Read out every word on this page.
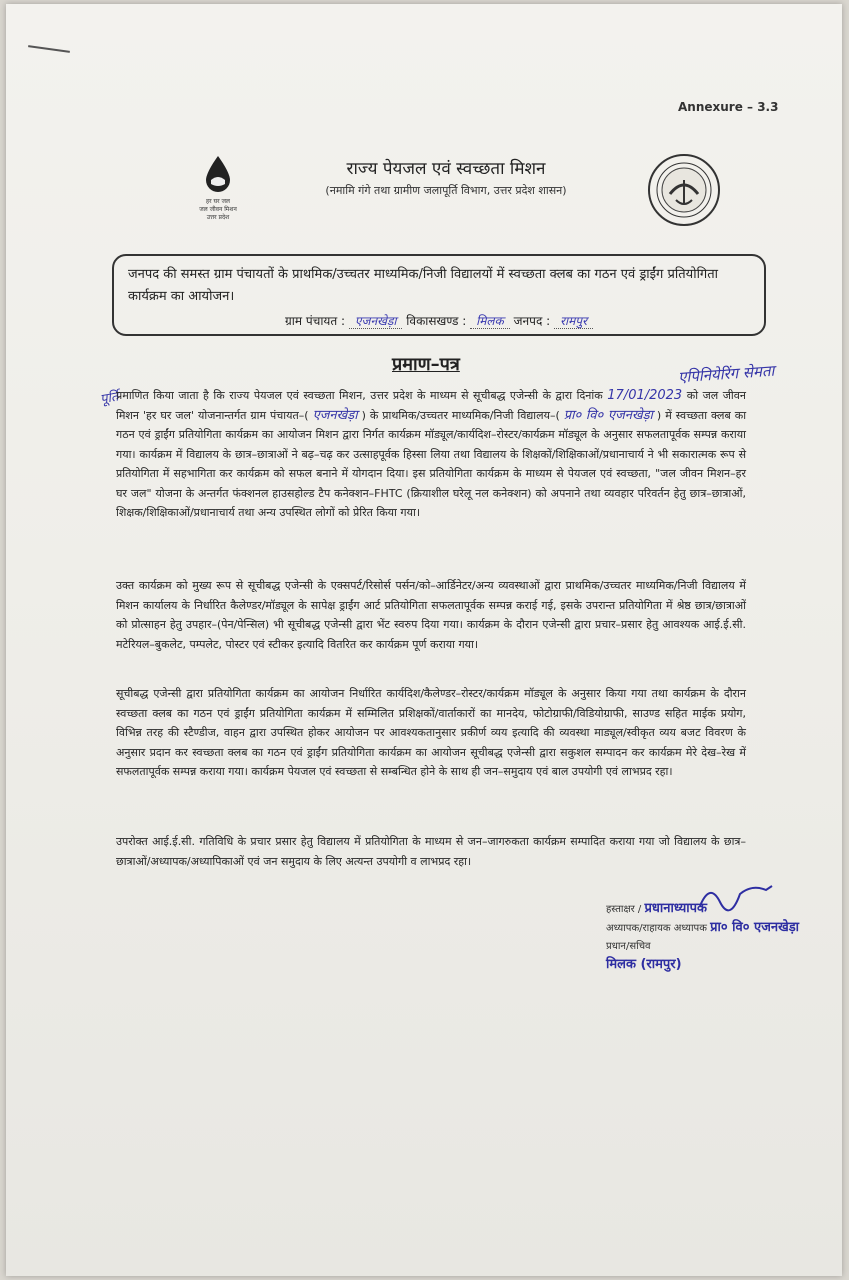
Annexure – 3.3
हर घर जल
जल जीवन मिशन
उत्तर प्रदेश
राज्य पेयजल एवं स्वच्छता मिशन
(नमामि गंगे तथा ग्रामीण जलापूर्ति विभाग, उत्तर प्रदेश शासन)
जनपद की समस्त ग्राम पंचायतों के प्राथमिक/उच्चतर माध्यमिक/निजी विद्यालयों में स्वच्छता क्लब का गठन एवं ड्राईंग प्रतियोगिता कार्यक्रम का आयोजन।
ग्राम पंचायत : एजनखेड़ा विकासखण्ड : मिलक जनपद : रामपुर
प्रमाण–पत्र	एपिनियेरिंग सेमता
पूर्ति
प्रमाणित किया जाता है कि राज्य पेयजल एवं स्वच्छता मिशन, उत्तर प्रदेश के माध्यम से सूचीबद्ध एजेन्सी के द्वारा दिनांक 17/01/2023 को जल जीवन मिशन 'हर घर जल' योजनान्तर्गत ग्राम पंचायत–( एजनखेड़ा ) के प्राथमिक/उच्चतर माध्यमिक/निजी विद्यालय–( प्रा० वि० एजनखेड़ा ) में स्वच्छता क्लब का गठन एवं ड्राईंग प्रतियोगिता कार्यक्रम का आयोजन मिशन द्वारा निर्गत कार्यक्रम मॉड्यूल/कार्यदिश–रोस्टर/कार्यक्रम मॉड्यूल के अनुसार सफलतापूर्वक सम्पन्न कराया गया। कार्यक्रम में विद्यालय के छात्र–छात्राओं ने बढ़–चढ़ कर उत्साहपूर्वक हिस्सा लिया तथा विद्यालय के शिक्षकों/शिक्षिकाओं/प्रधानाचार्य ने भी सकारात्मक रूप से प्रतियोगिता में सहभागिता कर कार्यक्रम को सफल बनाने में योगदान दिया। इस प्रतियोगिता कार्यक्रम के माध्यम से पेयजल एवं स्वच्छता, "जल जीवन मिशन–हर घर जल" योजना के अन्तर्गत फंक्शनल हाउसहोल्ड टैप कनेक्शन–FHTC (क्रियाशील घरेलू नल कनेक्शन) को अपनाने तथा व्यवहार परिवर्तन हेतु छात्र–छात्राओं, शिक्षक/शिक्षिकाओं/प्रधानाचार्य तथा अन्य उपस्थित लोगों को प्रेरित किया गया।
उक्त कार्यक्रम को मुख्य रूप से सूचीबद्ध एजेन्सी के एक्सपर्ट/रिसोर्स पर्सन/को–आर्डिनेटर/अन्य व्यवस्थाओं द्वारा प्राथमिक/उच्चतर माध्यमिक/निजी विद्यालय में मिशन कार्यालय के निर्धारित कैलेण्डर/मॉड्यूल के सापेक्ष ड्राईंग आर्ट प्रतियोगिता सफलतापूर्वक सम्पन्न कराई गई, इसके उपरान्त प्रतियोगिता में श्रेष्ठ छात्र/छात्राओं को प्रोत्साहन हेतु उपहार–(पेन/पेन्सिल) भी सूचीबद्ध एजेन्सी द्वारा भेंट स्वरुप दिया गया। कार्यक्रम के दौरान एजेन्सी द्वारा प्रचार–प्रसार हेतु आवश्यक आई.ई.सी. मटेरियल–बुकलेट, पम्पलेट, पोस्टर एवं स्टीकर इत्यादि वितरित कर कार्यक्रम पूर्ण कराया गया।
सूचीबद्ध एजेन्सी द्वारा प्रतियोगिता कार्यक्रम का आयोजन निर्धारित कार्यदिश/कैलेण्डर–रोस्टर/कार्यक्रम मॉड्यूल के अनुसार किया गया तथा कार्यक्रम के दौरान स्वच्छता क्लब का गठन एवं ड्राईंग प्रतियोगिता कार्यक्रम में सम्मिलित प्रशिक्षकों/वार्ताकारों का मानदेय, फोटोग्राफी/विडियोग्राफी, साउण्ड सहित माईक प्रयोग, विभिन्न तरह की स्टैण्डीज, वाहन द्वारा उपस्थित होकर आयोजन पर आवश्यकतानुसार प्रकीर्ण व्यय इत्यादि की व्यवस्था माड्यूल/स्वीकृत व्यय बजट विवरण के अनुसार प्रदान कर स्वच्छता क्लब का गठन एवं ड्राईंग प्रतियोगिता कार्यक्रम का आयोजन सूचीबद्ध एजेन्सी द्वारा सकुशल सम्पादन कर कार्यक्रम मेरे देख–रेख में सफलतापूर्वक सम्पन्न कराया गया। कार्यक्रम पेयजल एवं स्वच्छता से सम्बन्धित होने के साथ ही जन–समुदाय एवं बाल उपयोगी एवं लाभप्रद रहा।
उपरोक्त आई.ई.सी. गतिविधि के प्रचार प्रसार हेतु विद्यालय में प्रतियोगिता के माध्यम से जन–जागरुकता कार्यक्रम सम्पादित कराया गया जो विद्यालय के छात्र–छात्राओं/अध्यापक/अध्यापिकाओं एवं जन समुदाय के लिए अत्यन्त उपयोगी व लाभप्रद रहा।
हस्ताक्षर / प्रधानाध्यापक
अध्यापक/राहायक अध्यापक प्रा० वि० एजनखेड़ा
प्रधान/सचिव
मिलक (रामपुर)
